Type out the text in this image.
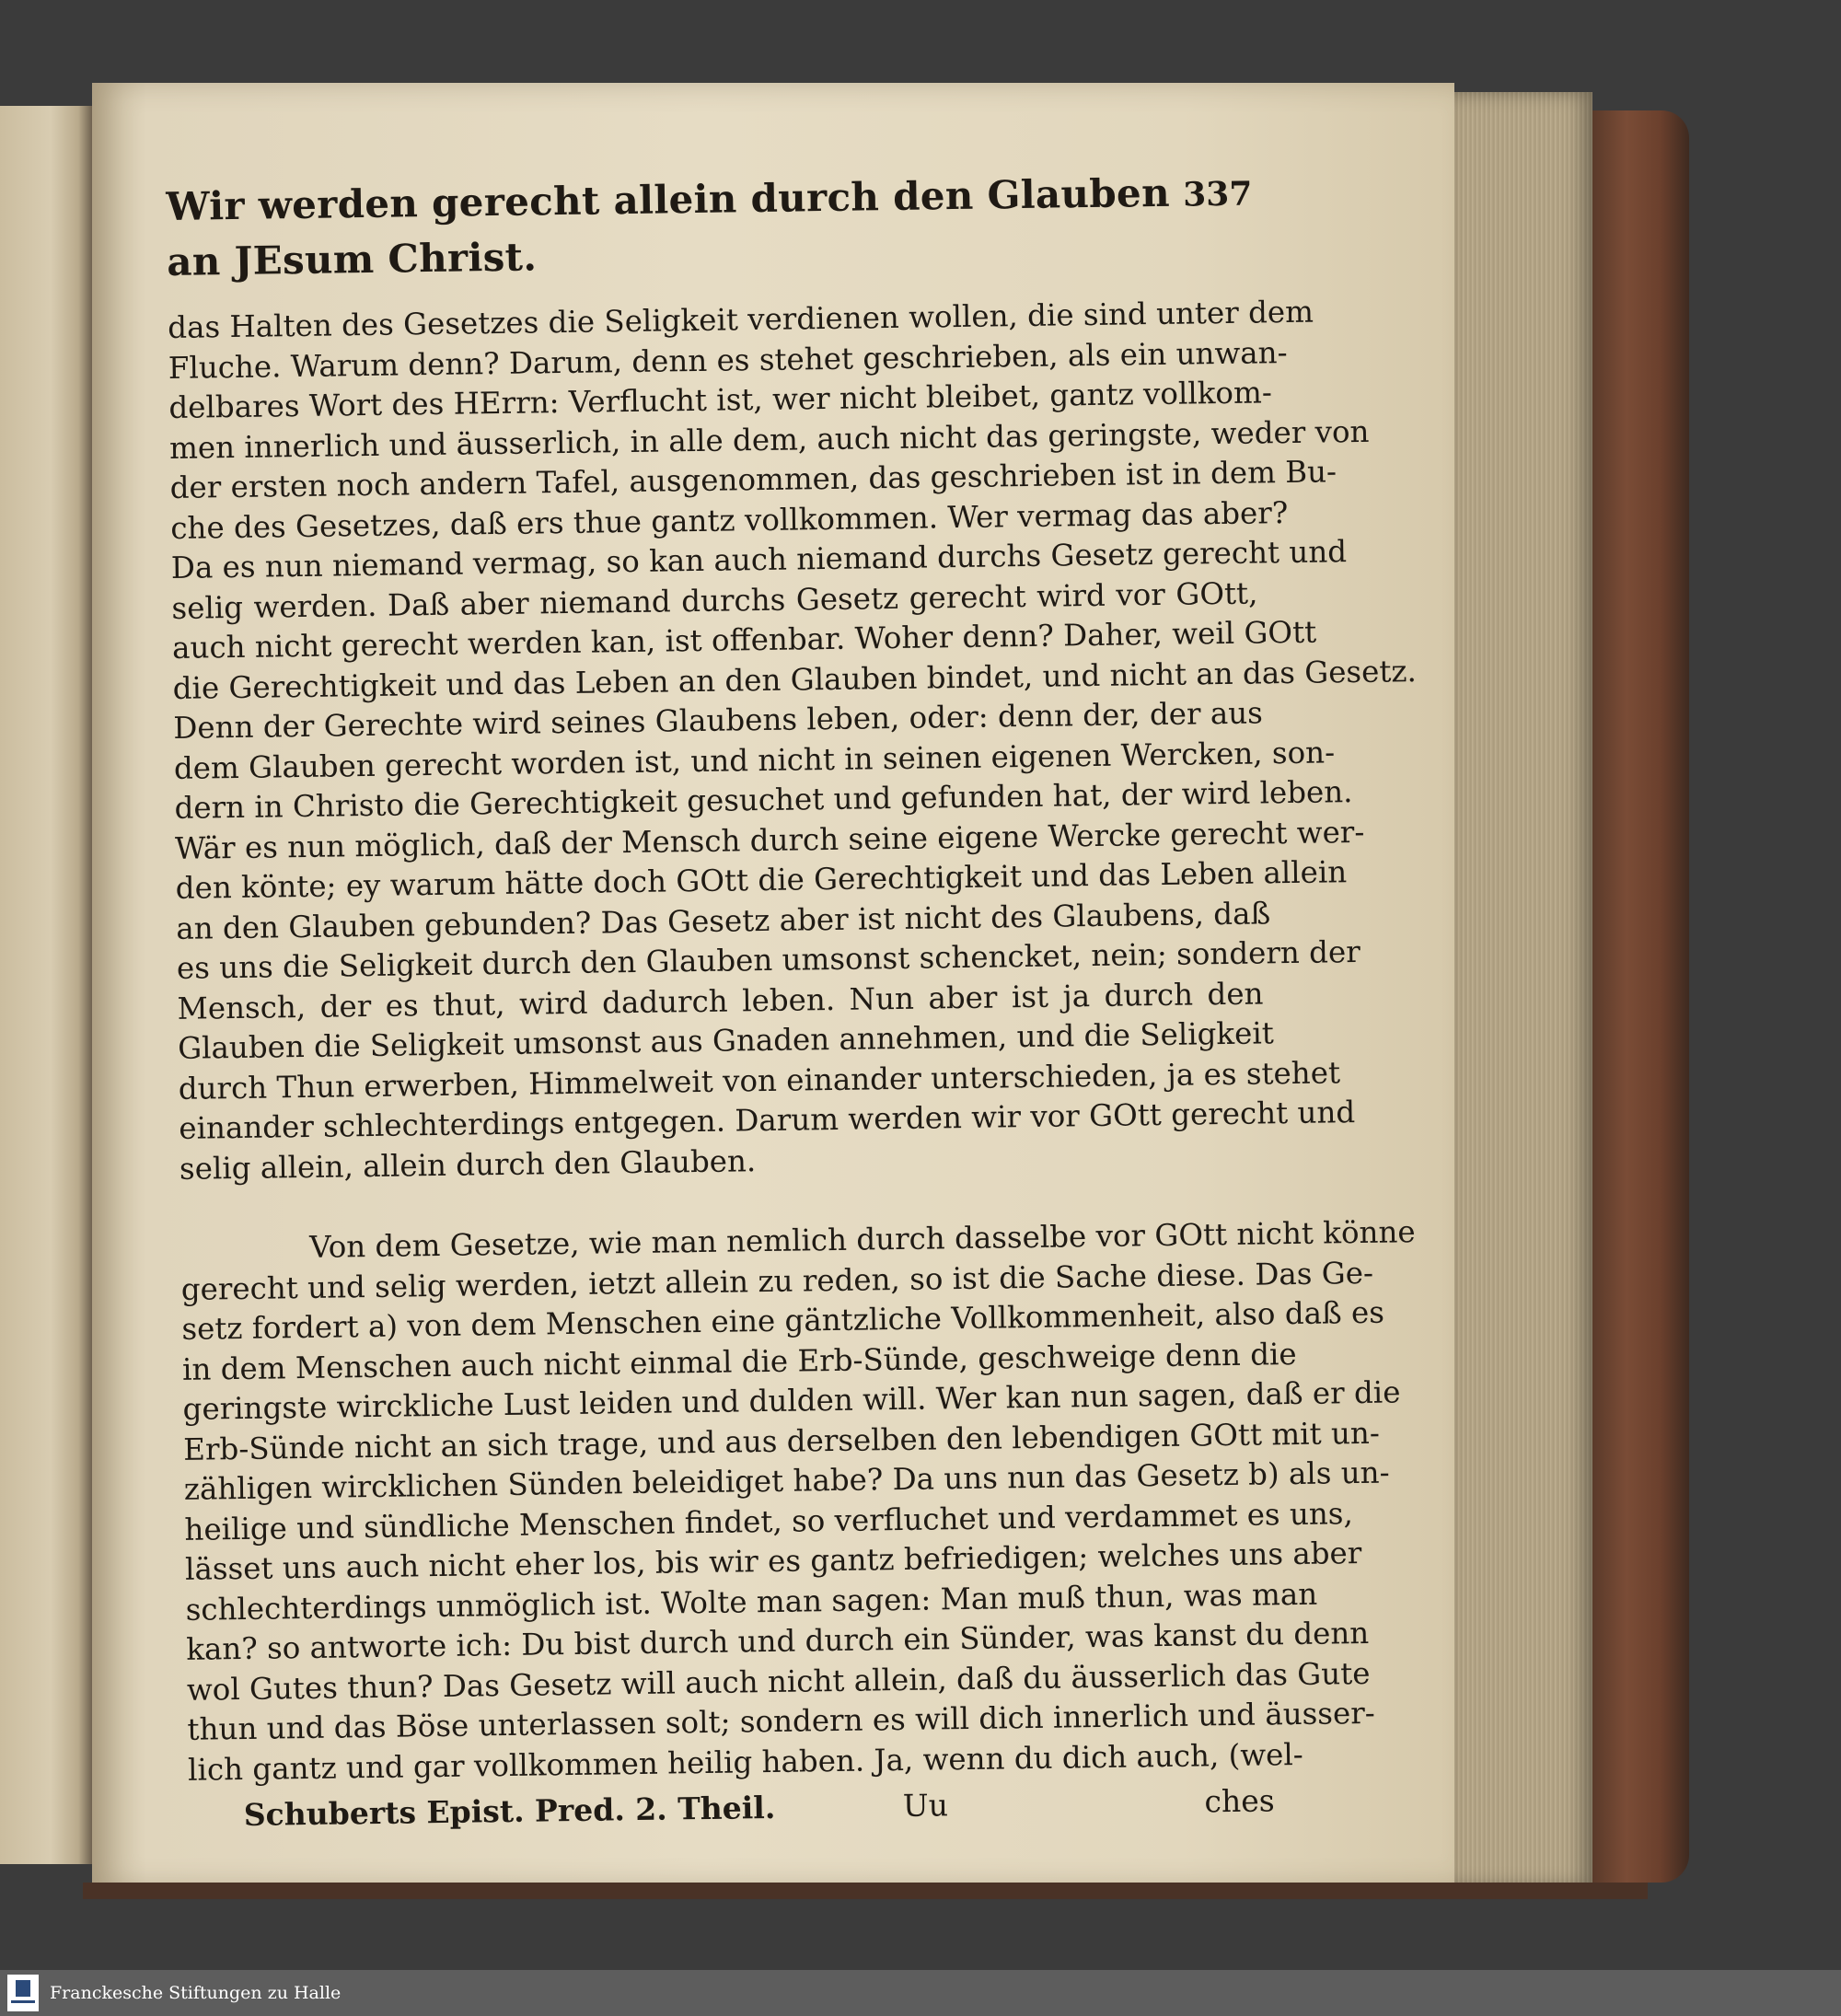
Wir werden gerecht allein durch den Glauben an JEsum Christ.
337

das Halten des Gesetzes die Seligkeit verdienen wollen, die sind unter dem

Fluche. Warum denn? Darum, denn es stehet geschrieben, als ein unwan-

delbares Wort des HErrn: Verflucht ist, wer nicht bleibet, gantz vollkom-

men innerlich und äusserlich, in alle dem, auch nicht das geringste, weder von

der ersten noch andern Tafel, ausgenommen, das geschrieben ist in dem Bu-

che des Gesetzes, daß ers thue gantz vollkommen. Wer vermag das aber?

Da es nun niemand vermag, so kan auch niemand durchs Gesetz gerecht und

selig werden. Daß aber niemand durchs Gesetz gerecht wird vor GOtt,

auch nicht gerecht werden kan, ist offenbar. Woher denn? Daher, weil GOtt

die Gerechtigkeit und das Leben an den Glauben bindet, und nicht an das Gesetz.

Denn der Gerechte wird seines Glaubens leben, oder: denn der, der aus

dem Glauben gerecht worden ist, und nicht in seinen eigenen Wercken, son-

dern in Christo die Gerechtigkeit gesuchet und gefunden hat, der wird leben.

Wär es nun möglich, daß der Mensch durch seine eigene Wercke gerecht wer-

den könte; ey warum hätte doch GOtt die Gerechtigkeit und das Leben allein

an den Glauben gebunden? Das Gesetz aber ist nicht des Glaubens, daß

es uns die Seligkeit durch den Glauben umsonst schencket, nein; sondern der

Mensch, der es thut, wird dadurch leben. Nun aber ist ja durch den

Glauben die Seligkeit umsonst aus Gnaden annehmen, und die Seligkeit

durch Thun erwerben, Himmelweit von einander unterschieden, ja es stehet

einander schlechterdings entgegen. Darum werden wir vor GOtt gerecht und

selig allein, allein durch den Glauben.

Von dem Gesetze, wie man nemlich durch dasselbe vor GOtt nicht könne

gerecht und selig werden, ietzt allein zu reden, so ist die Sache diese. Das Ge-

setz fordert a) von dem Menschen eine gäntzliche Vollkommenheit, also daß es

in dem Menschen auch nicht einmal die Erb-Sünde, geschweige denn die

geringste wirckliche Lust leiden und dulden will. Wer kan nun sagen, daß er die

Erb-Sünde nicht an sich trage, und aus derselben den lebendigen GOtt mit un-

zähligen wircklichen Sünden beleidiget habe? Da uns nun das Gesetz b) als un-

heilige und sündliche Menschen findet, so verfluchet und verdammet es uns,

lässet uns auch nicht eher los, bis wir es gantz befriedigen; welches uns aber

schlechterdings unmöglich ist. Wolte man sagen: Man muß thun, was man

kan? so antworte ich: Du bist durch und durch ein Sünder, was kanst du denn

wol Gutes thun? Das Gesetz will auch nicht allein, daß du äusserlich das Gute

thun und das Böse unterlassen solt; sondern es will dich innerlich und äusser-

lich gantz und gar vollkommen heilig haben. Ja, wenn du dich auch, (wel-

Schuberts Epist. Pred. 2. Theil.	Uu	ches
Franckesche Stiftungen zu Halle
